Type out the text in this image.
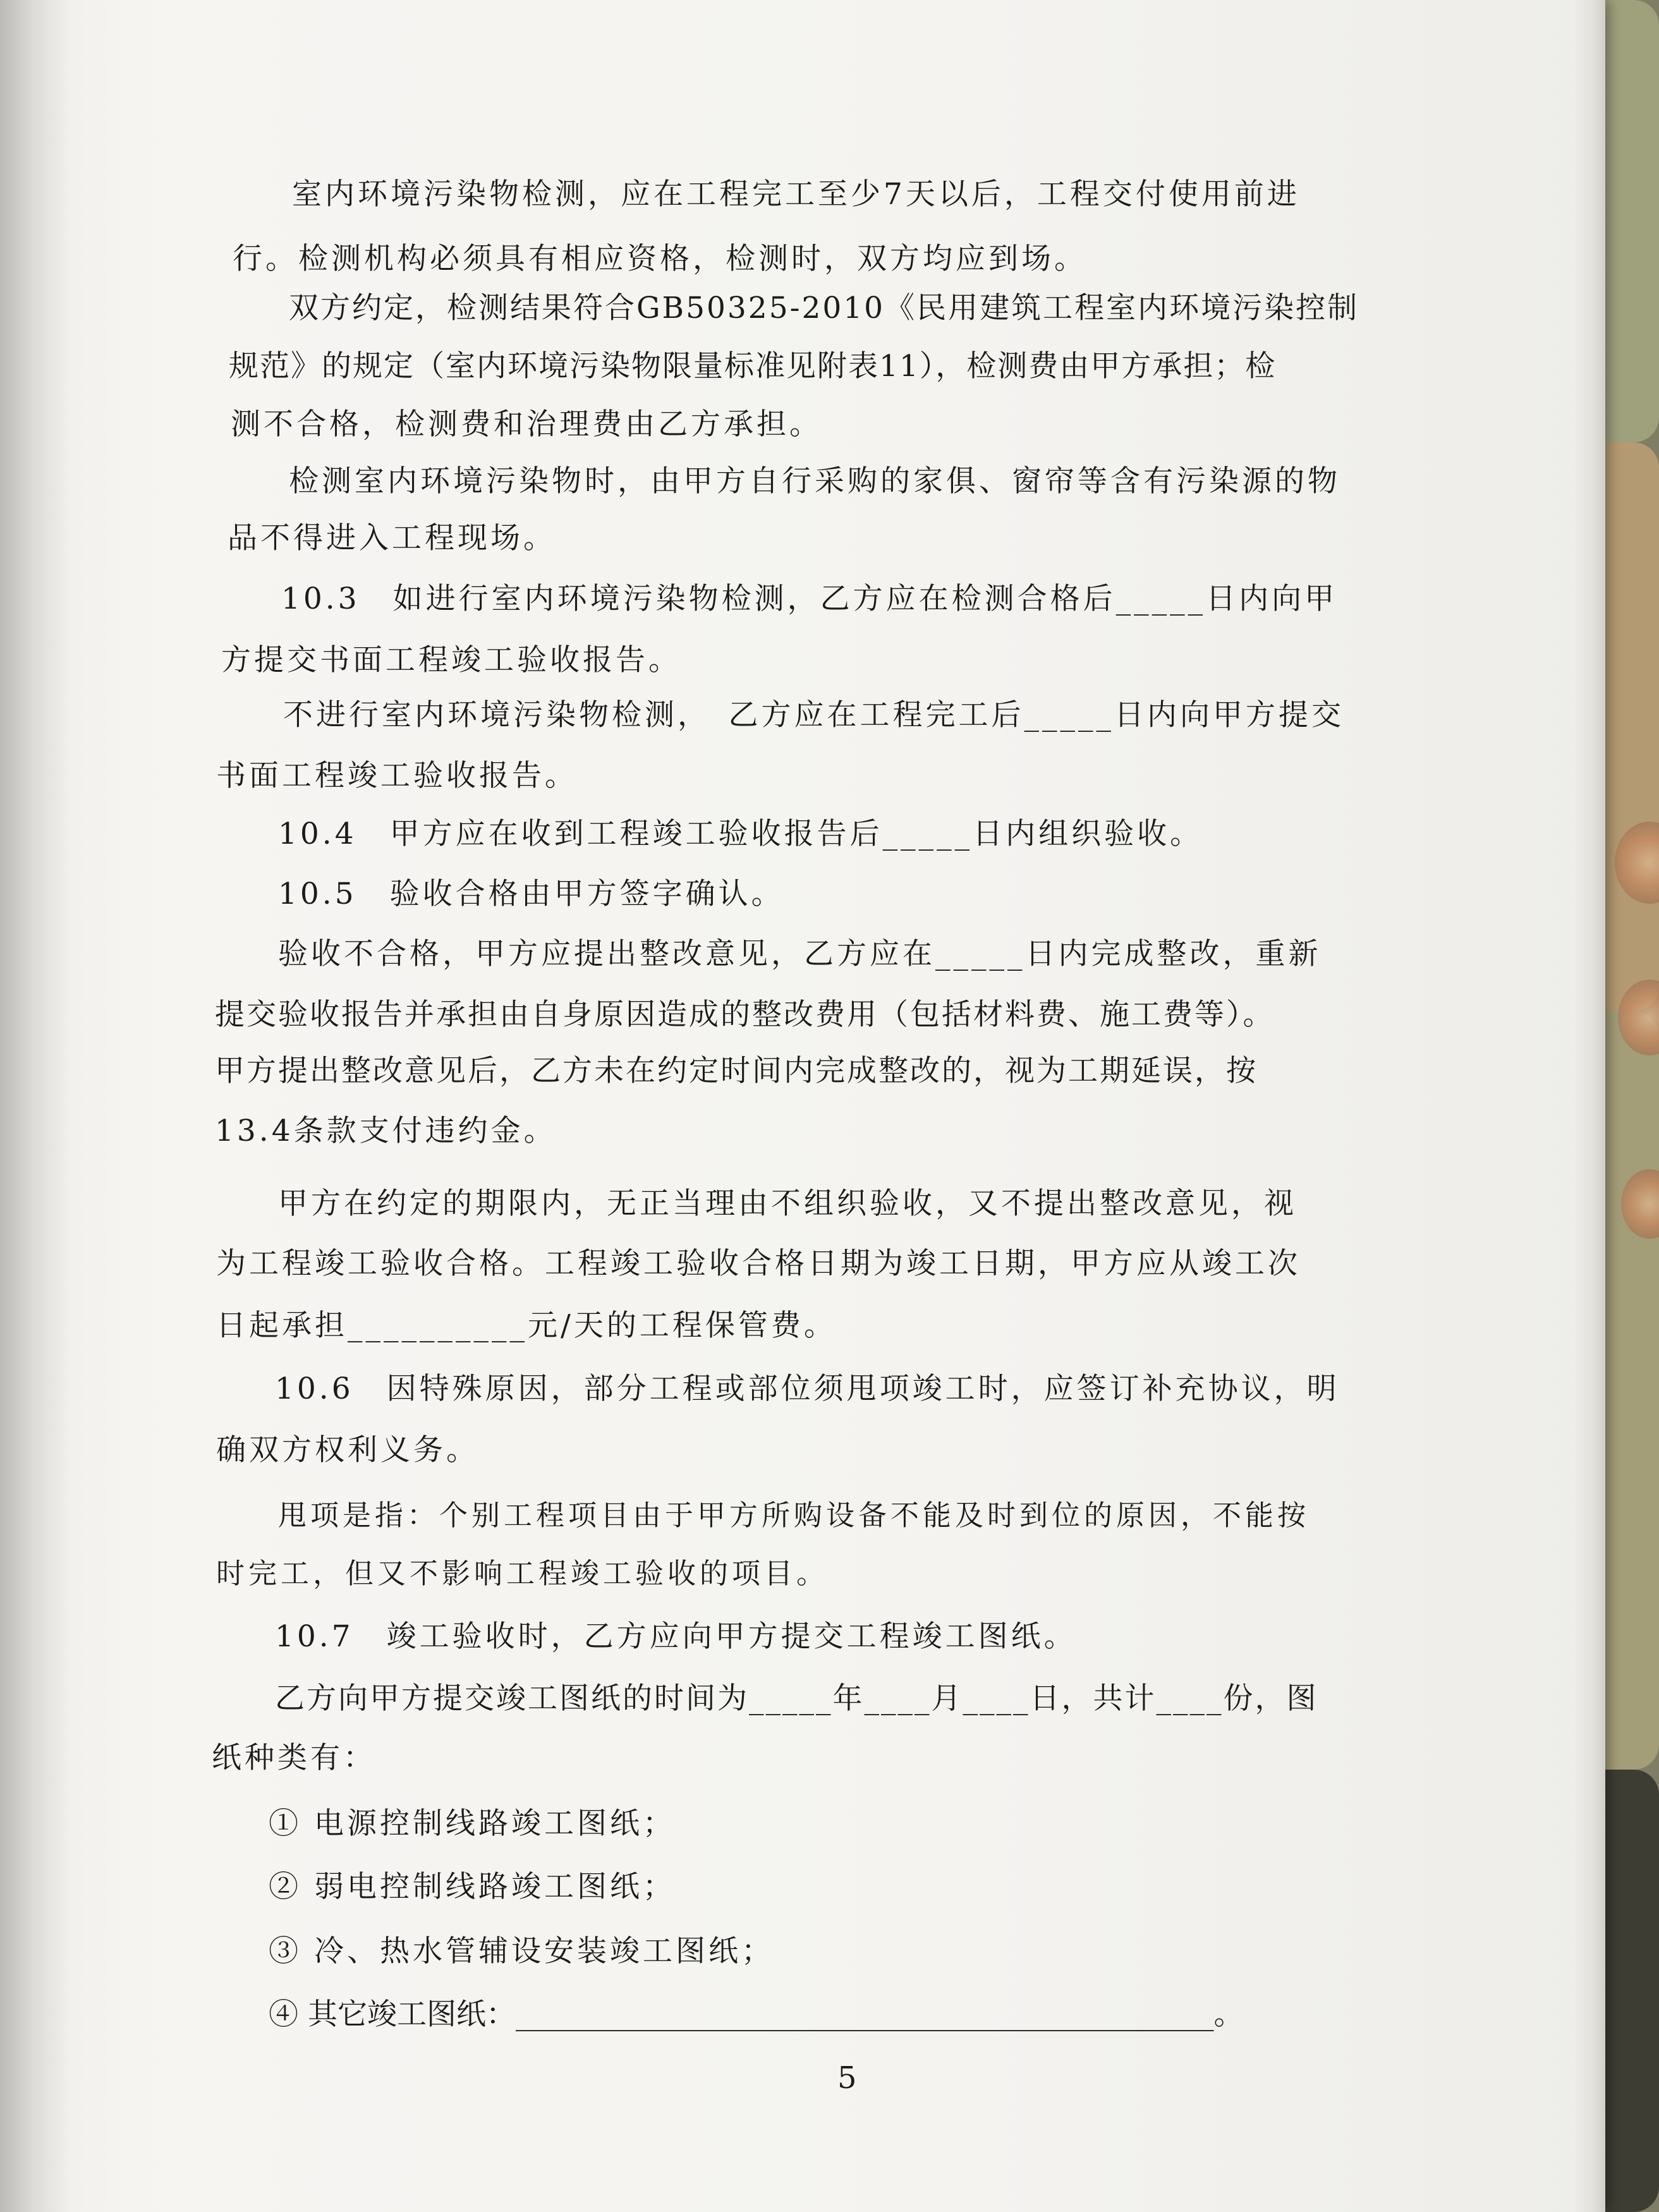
室内环境污染物检测，应在工程完工至少7天以后，工程交付使用前进

行。检测机构必须具有相应资格，检测时，双方均应到场。

双方约定，检测结果符合GB50325-2010《民用建筑工程室内环境污染控制

规范》的规定（室内环境污染物限量标准见附表11），检测费由甲方承担；检

测不合格，检测费和治理费由乙方承担。

检测室内环境污染物时，由甲方自行采购的家俱、窗帘等含有污染源的物

品不得进入工程现场。

10.3　如进行室内环境污染物检测，乙方应在检测合格后_____日内向甲

方提交书面工程竣工验收报告。

不进行室内环境污染物检测，　乙方应在工程完工后_____日内向甲方提交

书面工程竣工验收报告。

10.4　甲方应在收到工程竣工验收报告后_____日内组织验收。

10.5　验收合格由甲方签字确认。

验收不合格，甲方应提出整改意见，乙方应在_____日内完成整改，重新

提交验收报告并承担由自身原因造成的整改费用（包括材料费、施工费等）。

甲方提出整改意见后，乙方未在约定时间内完成整改的，视为工期延误，按

13.4条款支付违约金。

甲方在约定的期限内，无正当理由不组织验收，又不提出整改意见，视

为工程竣工验收合格。工程竣工验收合格日期为竣工日期，甲方应从竣工次

日起承担__________元/天的工程保管费。

10.6　因特殊原因，部分工程或部位须甩项竣工时，应签订补充协议，明

确双方权利义务。

甩项是指：个别工程项目由于甲方所购设备不能及时到位的原因，不能按

时完工，但又不影响工程竣工验收的项目。

10.7　竣工验收时，乙方应向甲方提交工程竣工图纸。

乙方向甲方提交竣工图纸的时间为_____年____月____日，共计____份，图

纸种类有：

① 电源控制线路竣工图纸；

② 弱电控制线路竣工图纸；

③ 冷、热水管辅设安装竣工图纸；

④ 其它竣工图纸：_______________________________________________。

5
